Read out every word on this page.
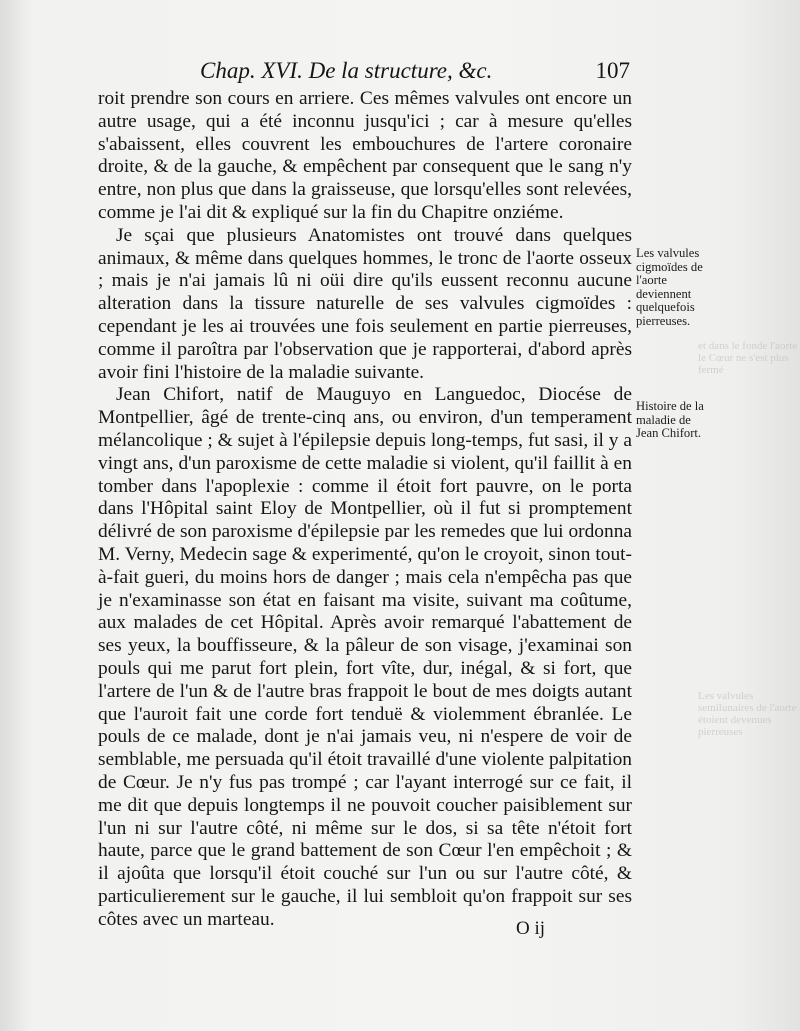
Chap. XVI. De la structure, &c.	107

roit prendre son cours en arriere. Ces mêmes valvules ont encore un autre usage, qui a été inconnu jusqu'ici ; car à mesure qu'elles s'abaissent, elles couvrent les embouchures de l'artere coronaire droite, & de la gauche, & empêchent par consequent que le sang n'y entre, non plus que dans la graisseuse, que lorsqu'elles sont relevées, comme je l'ai dit & expliqué sur la fin du Chapitre onziéme.

Je sçai que plusieurs Anatomistes ont trouvé dans quelques animaux, & même dans quelques hommes, le tronc de l'aorte osseux ; mais je n'ai jamais lû ni oüi dire qu'ils eussent reconnu aucune alteration dans la tissure naturelle de ses valvules cigmoïdes : cependant je les ai trouvées une fois seulement en partie pierreuses, comme il paroîtra par l'observation que je rapporterai, d'abord après avoir fini l'histoire de la maladie suivante.

Jean Chifort, natif de Mauguyo en Languedoc, Diocése de Montpellier, âgé de trente-cinq ans, ou environ, d'un temperament mélancolique ; & sujet à l'épilepsie depuis long-temps, fut sasi, il y a vingt ans, d'un paroxisme de cette maladie si violent, qu'il faillit à en tomber dans l'apoplexie : comme il étoit fort pauvre, on le porta dans l'Hôpital saint Eloy de Montpellier, où il fut si promptement délivré de son paroxisme d'épilepsie par les remedes que lui ordonna M. Verny, Medecin sage & experimenté, qu'on le croyoit, sinon tout-à-fait gueri, du moins hors de danger ; mais cela n'empêcha pas que je n'examinasse son état en faisant ma visite, suivant ma coûtume, aux malades de cet Hôpital. Après avoir remarqué l'abattement de ses yeux, la bouffisseure, & la pâleur de son visage, j'examinai son pouls qui me parut fort plein, fort vîte, dur, inégal, & si fort, que l'artere de l'un & de l'autre bras frappoit le bout de mes doigts autant que l'auroit fait une corde fort tenduë & violemment ébranlée. Le pouls de ce malade, dont je n'ai jamais veu, ni n'espere de voir de semblable, me persuada qu'il étoit travaillé d'une violente palpitation de Cœur. Je n'y fus pas trompé ; car l'ayant interrogé sur ce fait, il me dit que depuis longtemps il ne pouvoit coucher paisiblement sur l'un ni sur l'autre côté, ni même sur le dos, si sa tête n'étoit fort haute, parce que le grand battement de son Cœur l'en empêchoit ; & il ajoûta que lorsqu'il étoit couché sur l'un ou sur l'autre côté, & particulierement sur le gauche, il lui sembloit qu'on frappoit sur ses côtes avec un marteau.	O ij
Les valvules cigmoïdes de l'aorte deviennent quelquefois pierreuses.
Histoire de la maladie de Jean Chifort.
et dans le fonde l'aorte le Cœur ne s'est plus fermé
Les valvules semilunaires de l'aorte étoient devenues pierreuses
